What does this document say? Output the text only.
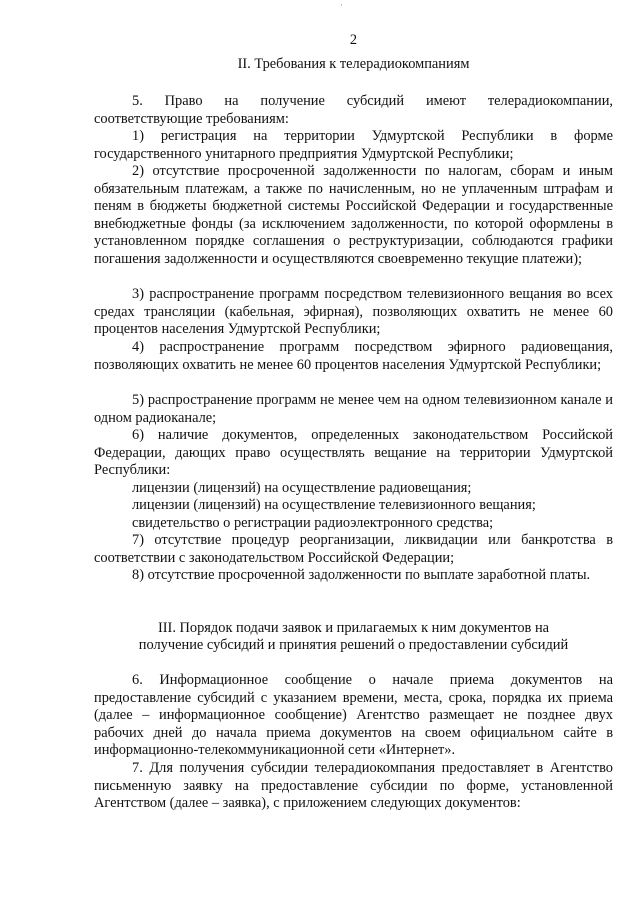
·
2
II. Требования к телерадиокомпаниям

5. Право на получение субсидий имеют телерадиокомпании, соответствующие требованиям:

1) регистрация на территории Удмуртской Республики в форме государственного унитарного предприятия Удмуртской Республики;

2) отсутствие просроченной задолженности по налогам, сборам и иным обязательным платежам, а также по начисленным, но не уплаченным штрафам и пеням в бюджеты бюджетной системы Российской Федерации и государственные внебюджетные фонды (за исключением задолженности, по которой оформлены в установленном порядке соглашения о реструктуризации, соблюдаются графики погашения задолженности и осуществляются своевременно текущие платежи);

3) распространение программ посредством телевизионного вещания во всех средах трансляции (кабельная, эфирная), позволяющих охватить не менее 60 процентов населения Удмуртской Республики;

4) распространение программ посредством эфирного радиовещания, позволяющих охватить не менее 60 процентов населения Удмуртской Республики;

5) распространение программ не менее чем на одном телевизионном канале и одном радиоканале;

6) наличие документов, определенных законодательством Российской Федерации, дающих право осуществлять вещание на территории Удмуртской Республики:

лицензии (лицензий) на осуществление радиовещания;

лицензии (лицензий) на осуществление телевизионного вещания;

свидетельство о регистрации радиоэлектронного средства;

7) отсутствие процедур реорганизации, ликвидации или банкротства в соответствии с законодательством Российской Федерации;

8) отсутствие просроченной задолженности по выплате заработной платы.

III. Порядок подачи заявок и прилагаемых к ним документов на
получение субсидий и принятия решений о предоставлении субсидий

6. Информационное сообщение о начале приема документов на предоставление субсидий с указанием времени, места, срока, порядка их приема (далее – информационное сообщение) Агентство размещает не позднее двух рабочих дней до начала приема документов на своем официальном сайте в информационно-телекоммуникационной сети «Интернет».

7. Для получения субсидии телерадиокомпания предоставляет в Агентство письменную заявку на предоставление субсидии по форме, установленной Агентством (далее – заявка), с приложением следующих документов:
